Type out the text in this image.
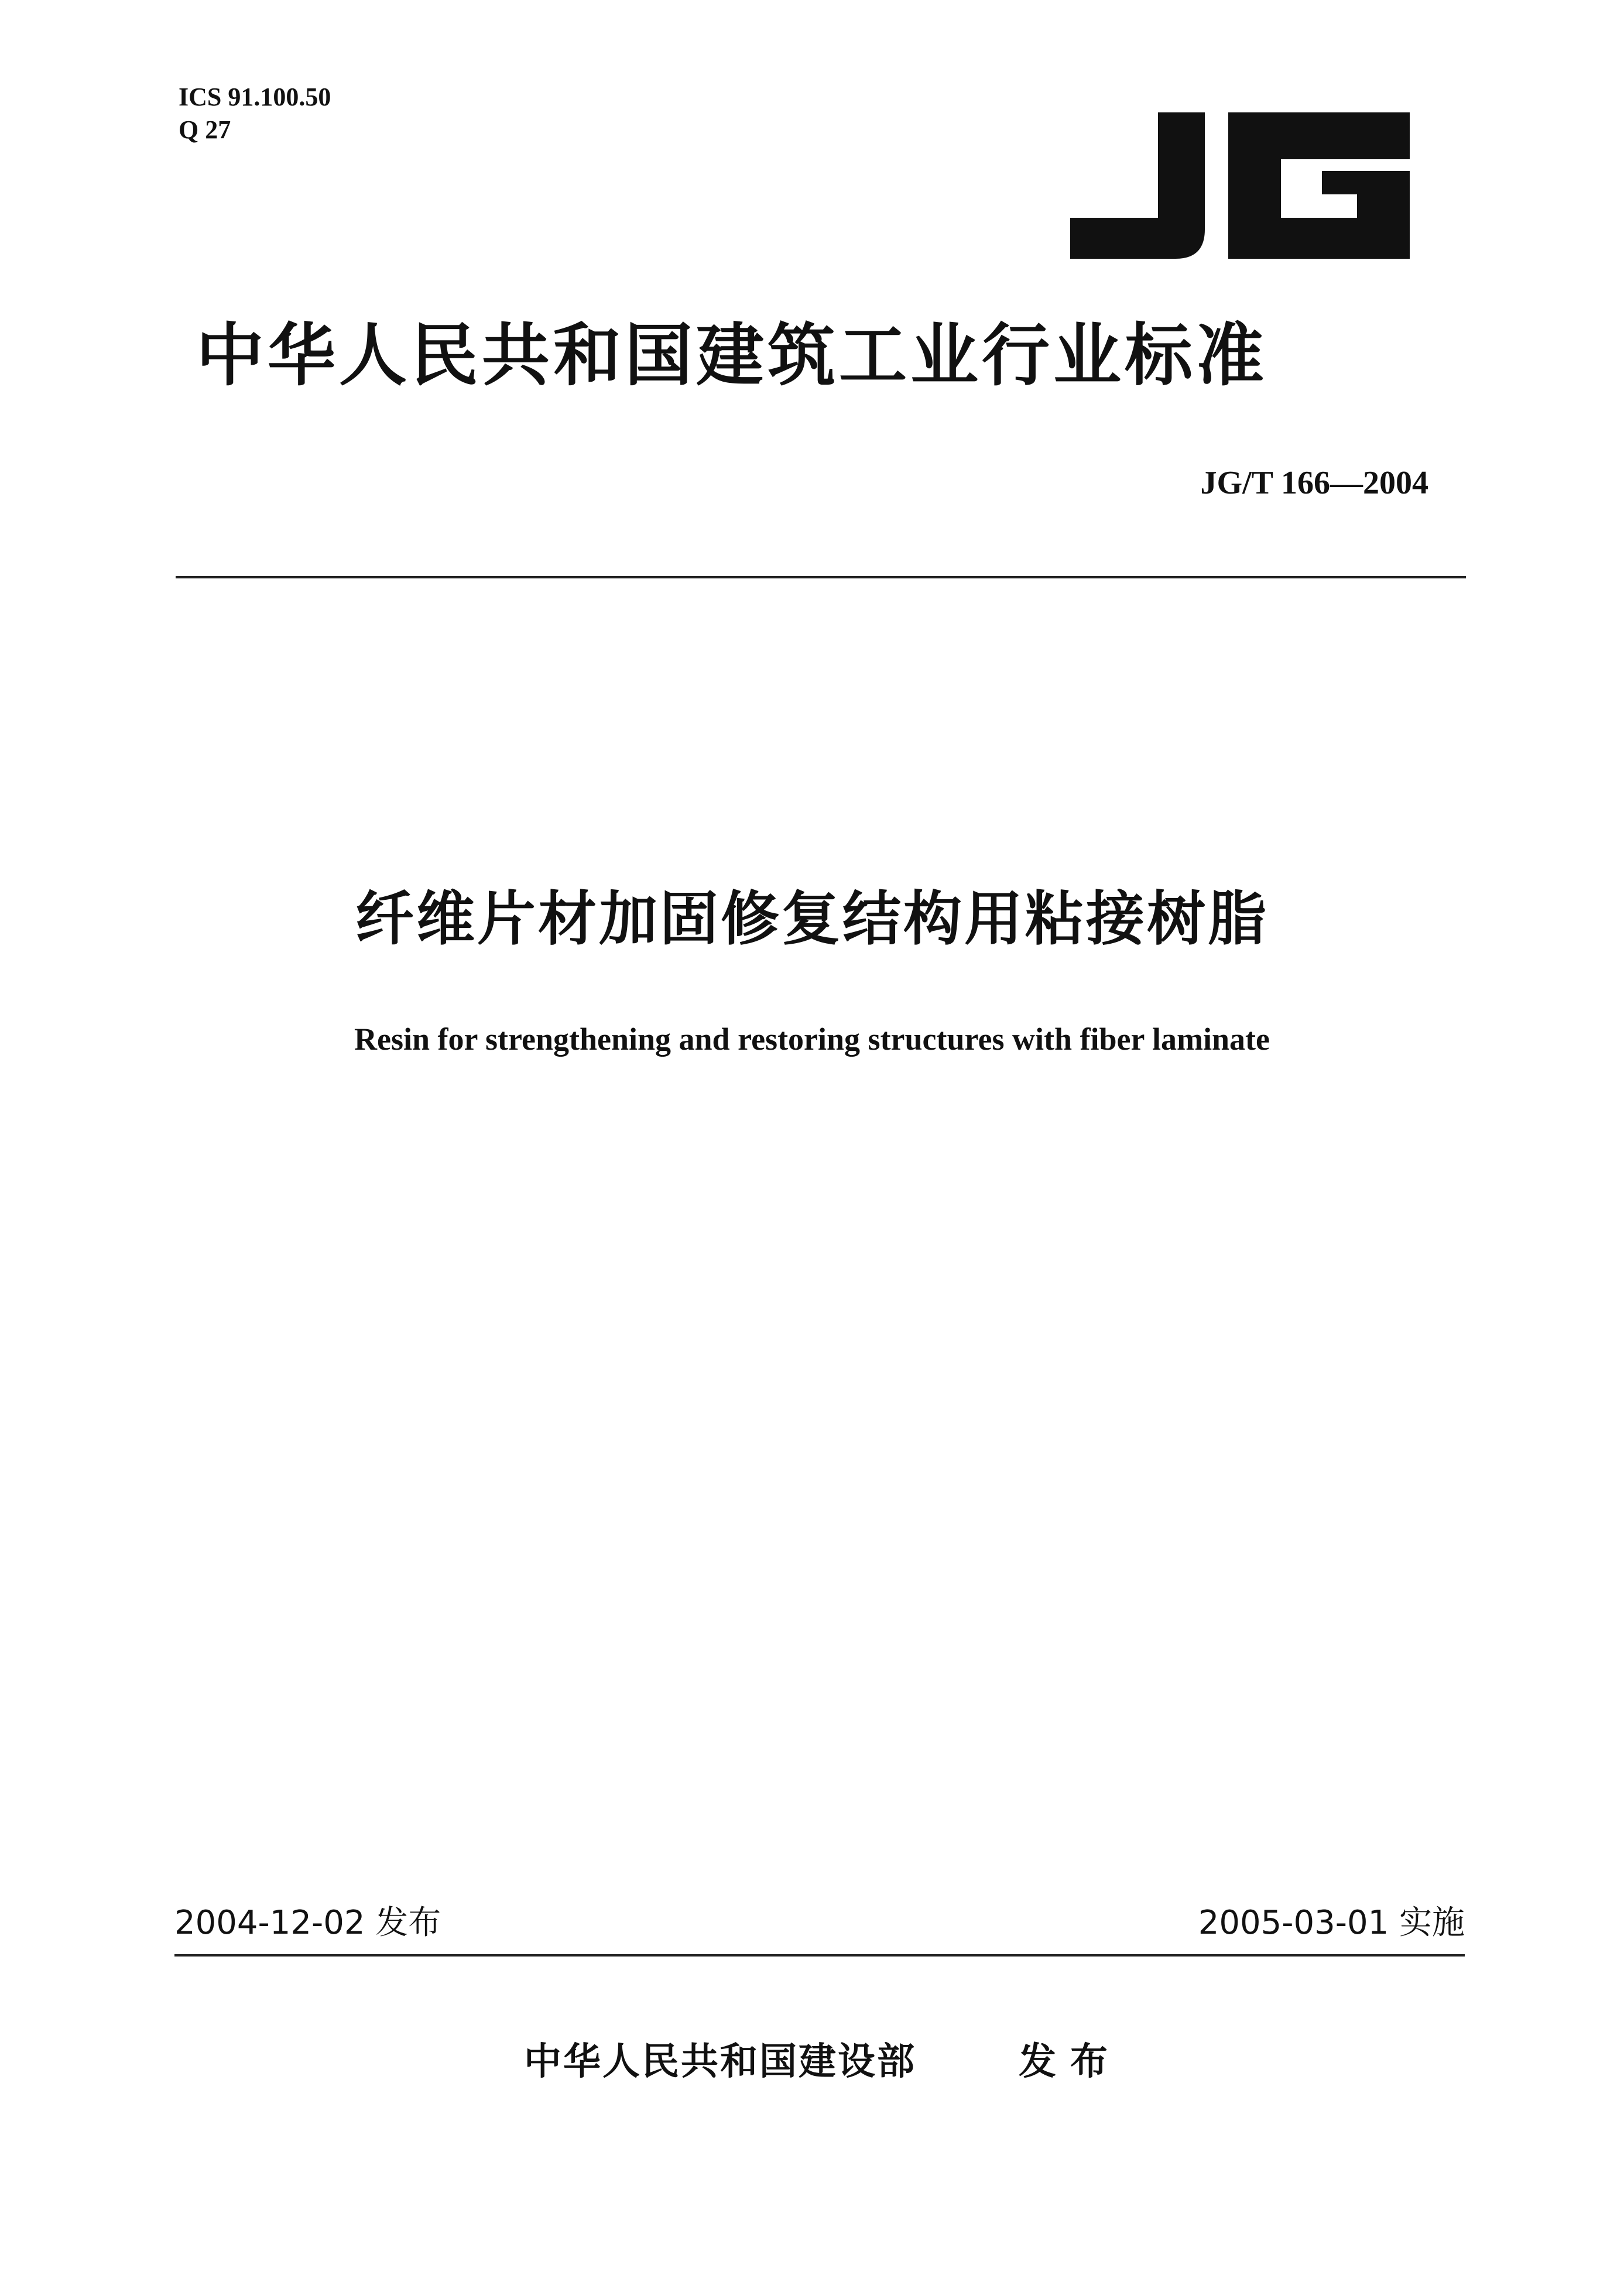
ICS 91.100.50
Q 27
中华人民共和国建筑工业行业标准
JG/T 166—2004
纤维片材加固修复结构用粘接树脂
Resin for strengthening and restoring structures with fiber laminate
2004-12-02 发布	2005-03-01 实施
中华人民共和国建设部	发布
